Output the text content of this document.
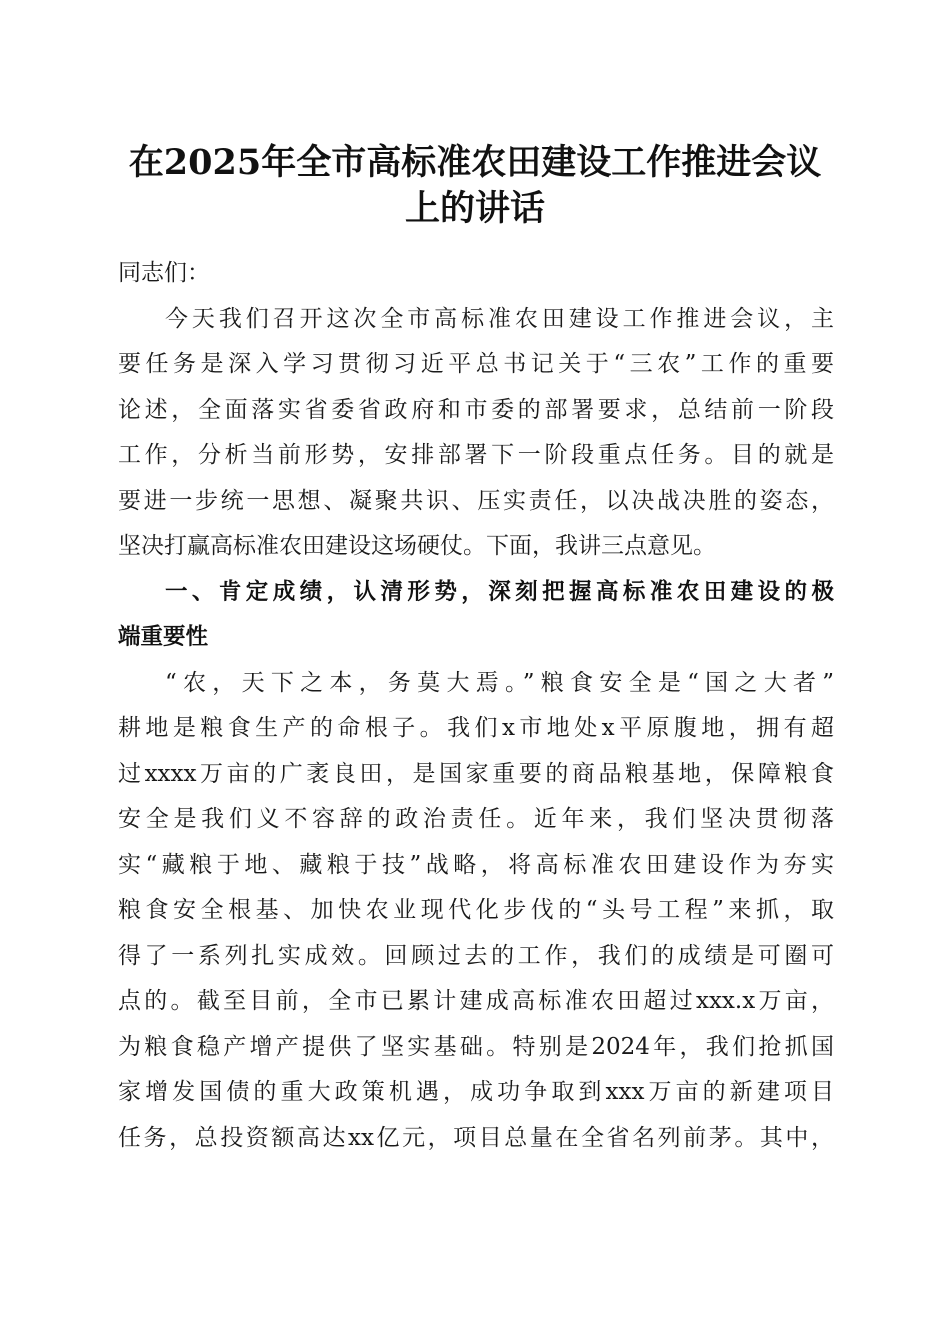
在2025年全市高标准农田建设工作推进会议
上的讲话
同志们：
今天我们召开这次全市高标准农田建设工作推进会议，主
要任务是深入学习贯彻习近平总书记关于“三农”工作的重要
论述，全面落实省委省政府和市委的部署要求，总结前一阶段
工作，分析当前形势，安排部署下一阶段重点任务。目的就是
要进一步统一思想、凝聚共识、压实责任，以决战决胜的姿态，
坚决打赢高标准农田建设这场硬仗。下面，我讲三点意见。
一、肯定成绩，认清形势，深刻把握高标准农田建设的极
端重要性
“农，天下之本，务莫大焉。”粮食安全是“国之大者”
耕地是粮食生产的命根子。我们x市地处x平原腹地，拥有超
过xxxx万亩的广袤良田，是国家重要的商品粮基地，保障粮食
安全是我们义不容辞的政治责任。近年来，我们坚决贯彻落
实“藏粮于地、藏粮于技”战略，将高标准农田建设作为夯实
粮食安全根基、加快农业现代化步伐的“头号工程”来抓，取
得了一系列扎实成效。回顾过去的工作，我们的成绩是可圈可
点的。截至目前，全市已累计建成高标准农田超过xxx.x万亩，
为粮食稳产增产提供了坚实基础。特别是2024年，我们抢抓国
家增发国债的重大政策机遇，成功争取到xxx万亩的新建项目
任务，总投资额高达xx亿元，项目总量在全省名列前茅。其中，
